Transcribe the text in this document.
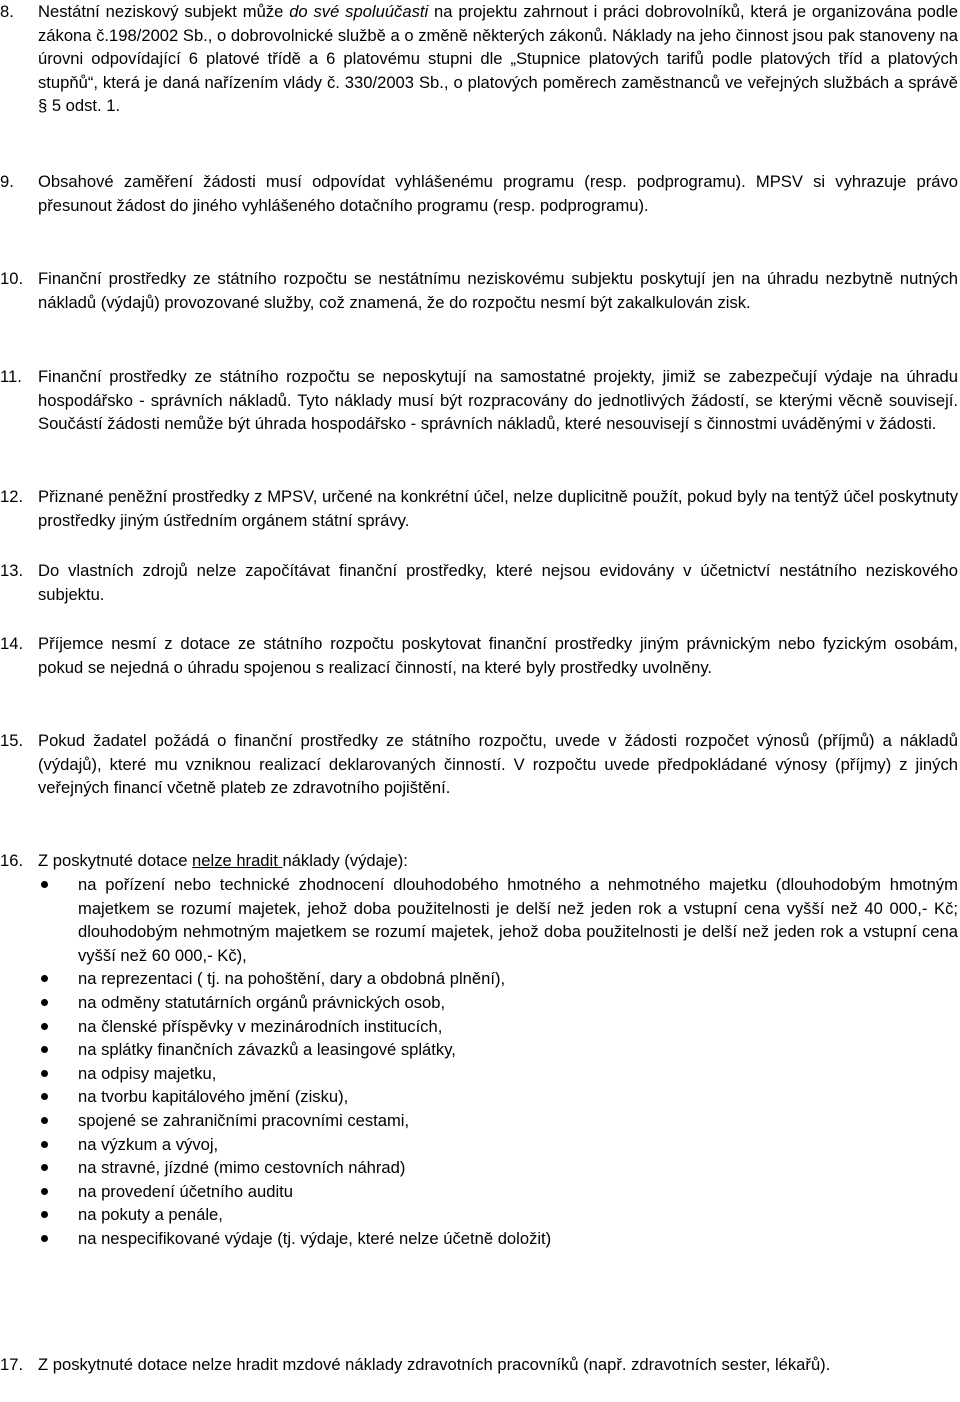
8.	Nestátní neziskový subjekt může do své spoluúčasti na projektu zahrnout i práci dobrovolníků, která je organizována podle zákona č.198/2002 Sb., o dobrovolnické službě a o změně některých zákonů. Náklady na jeho činnost jsou pak stanoveny na úrovni odpovídající 6 platové třídě a 6 platovému stupni dle „Stupnice platových tarifů podle platových tříd a platových stupňů“, která je daná nařízením vlády č. 330/2003 Sb., o platových poměrech zaměstnanců ve veřejných službách a správě § 5 odst. 1.
9.	Obsahové zaměření žádosti musí odpovídat vyhlášenému programu (resp. podprogramu). MPSV si vyhrazuje právo přesunout žádost do jiného vyhlášeného dotačního programu (resp. podprogramu).
10. Finanční prostředky ze státního rozpočtu se nestátnímu neziskovému subjektu poskytují jen na úhradu nezbytně nutných nákladů (výdajů) provozované služby, což znamená, že do rozpočtu nesmí být zakalkulován zisk.
11. Finanční prostředky ze státního rozpočtu se neposkytují na samostatné projekty, jimiž se zabezpečují výdaje na úhradu hospodářsko - správních nákladů. Tyto náklady musí být rozpracovány do jednotlivých žádostí, se kterými věcně souvisejí. Součástí žádosti nemůže být úhrada hospodářsko - správních nákladů, které nesouvisejí s činnostmi uváděnými v žádosti.
12. Přiznané peněžní prostředky z MPSV, určené na konkrétní účel, nelze duplicitně použít, pokud byly na tentýž účel poskytnuty prostředky jiným ústředním orgánem státní správy.
13. Do vlastních zdrojů nelze započítávat finanční prostředky, které nejsou evidovány v účetnictví nestátního neziskového subjektu.
14. Příjemce nesmí z dotace ze státního rozpočtu poskytovat finanční prostředky jiným právnickým nebo fyzickým osobám, pokud se nejedná o úhradu spojenou s realizací činností, na které byly prostředky uvolněny.
15. Pokud žadatel požádá o finanční prostředky ze státního rozpočtu, uvede v žádosti rozpočet výnosů (příjmů) a nákladů (výdajů), které mu vzniknou realizací deklarovaných činností. V rozpočtu uvede předpokládané výnosy (příjmy) z jiných veřejných financí včetně plateb ze zdravotního pojištění.
16. Z poskytnuté dotace nelze hradit náklady (výdaje):

na pořízení nebo technické zhodnocení dlouhodobého hmotného a nehmotného majetku (dlouhodobým hmotným majetkem se rozumí majetek, jehož doba použitelnosti je delší než jeden rok a vstupní cena vyšší než 40 000,- Kč; dlouhodobým nehmotným majetkem se rozumí majetek, jehož doba použitelnosti je delší než jeden rok a vstupní cena vyšší než 60 000,- Kč),
na reprezentaci ( tj. na pohoštění, dary a obdobná plnění),
na odměny statutárních orgánů právnických osob,
na členské příspěvky v mezinárodních institucích,
na splátky finančních závazků a leasingové splátky,
na odpisy majetku,
na tvorbu kapitálového jmění (zisku),
spojené se zahraničními pracovními cestami,
na výzkum a vývoj,
na stravné, jízdné (mimo cestovních náhrad)
na provedení účetního auditu
na pokuty a penále,
na nespecifikované výdaje (tj. výdaje, které nelze účetně doložit)
17. Z poskytnuté dotace nelze hradit mzdové náklady zdravotních pracovníků (např. zdravotních sester, lékařů).
